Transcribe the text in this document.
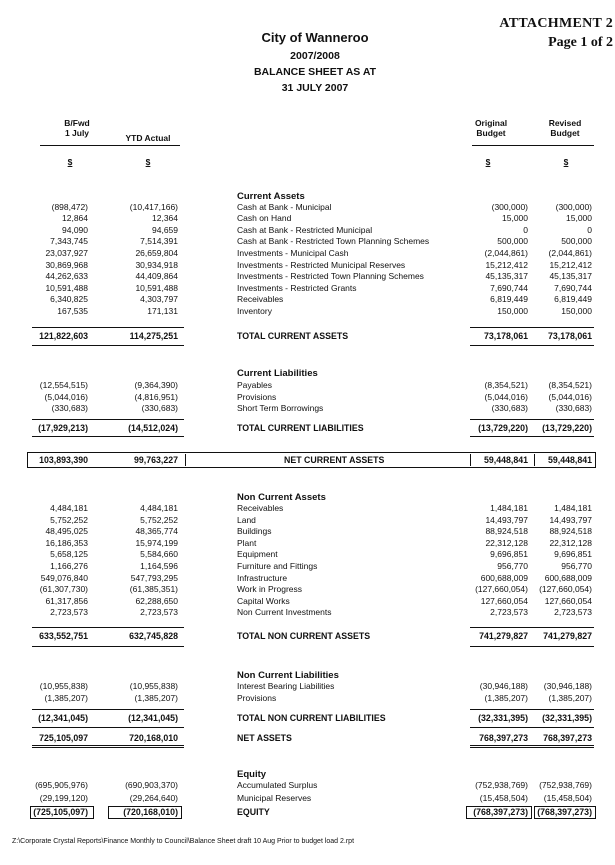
City of Wanneroo
2007/2008
BALANCE SHEET AS AT
31 JULY 2007
ATTACHMENT 2
Page 1 of 2
B/Fwd
1 July	YTD Actual
Original
Budget
Revised
Budget
$	$	$	$
Current Assets
(898,472)	(10,417,166)	Cash at Bank - Municipal	(300,000)	(300,000)
12,864	12,364	Cash on Hand	15,000	15,000
94,090	94,659	Cash at Bank - Restricted Municipal	0	0
7,343,745	7,514,391	Cash at Bank - Restricted Town Planning Schemes	500,000	500,000
23,037,927	26,659,804	Investments - Municipal Cash	(2,044,861)	(2,044,861)
30,869,968	30,934,918	Investments - Restricted Municipal Reserves	15,212,412	15,212,412
44,262,633	44,409,864	Investments - Restricted Town Planning Schemes	45,135,317	45,135,317
10,591,488	10,591,488	Investments - Restricted Grants	7,690,744	7,690,744
6,340,825	4,303,797	Receivables	6,819,449	6,819,449
167,535	171,131	Inventory	150,000	150,000
121,822,603	114,275,251	TOTAL CURRENT ASSETS	73,178,061	73,178,061
Current Liabilities
(12,554,515)	(9,364,390)	Payables	(8,354,521)	(8,354,521)
(5,044,016)	(4,816,951)	Provisions	(5,044,016)	(5,044,016)
(330,683)	(330,683)	Short Term Borrowings	(330,683)	(330,683)
(17,929,213)	(14,512,024)	TOTAL CURRENT LIABILITIES	(13,729,220)	(13,729,220)
103,893,390	99,763,227	NET CURRENT ASSETS	59,448,841	59,448,841
Non Current Assets
4,484,181	4,484,181	Receivables	1,484,181	1,484,181
5,752,252	5,752,252	Land	14,493,797	14,493,797
48,495,025	48,365,774	Buildings	88,924,518	88,924,518
16,186,353	15,974,199	Plant	22,312,128	22,312,128
5,658,125	5,584,660	Equipment	9,696,851	9,696,851
1,166,276	1,164,596	Furniture and Fittings	956,770	956,770
549,076,840	547,793,295	Infrastructure	600,688,009	600,688,009
(61,307,730)	(61,385,351)	Work in Progress	(127,660,054)	(127,660,054)
61,317,856	62,288,650	Capital Works	127,660,054	127,660,054
2,723,573	2,723,573	Non Current Investments	2,723,573	2,723,573
633,552,751	632,745,828	TOTAL NON CURRENT ASSETS	741,279,827	741,279,827
Non Current Liabilities
(10,955,838)	(10,955,838)	Interest Bearing Liabilities	(30,946,188)	(30,946,188)
(1,385,207)	(1,385,207)	Provisions	(1,385,207)	(1,385,207)
(12,341,045)	(12,341,045)	TOTAL NON CURRENT LIABILITIES	(32,331,395)	(32,331,395)
725,105,097	720,168,010	NET ASSETS	768,397,273	768,397,273
Equity
(695,905,976)	(690,903,370)	Accumulated Surplus	(752,938,769)	(752,938,769)
(29,199,120)	(29,264,640)	Municipal Reserves	(15,458,504)	(15,458,504)
(725,105,097)	(720,168,010)	EQUITY	(768,397,273)	(768,397,273)
Z:\Corporate Crystal Reports\Finance Monthly to Council\Balance Sheet draft 10 Aug Prior to budget load 2.rpt
